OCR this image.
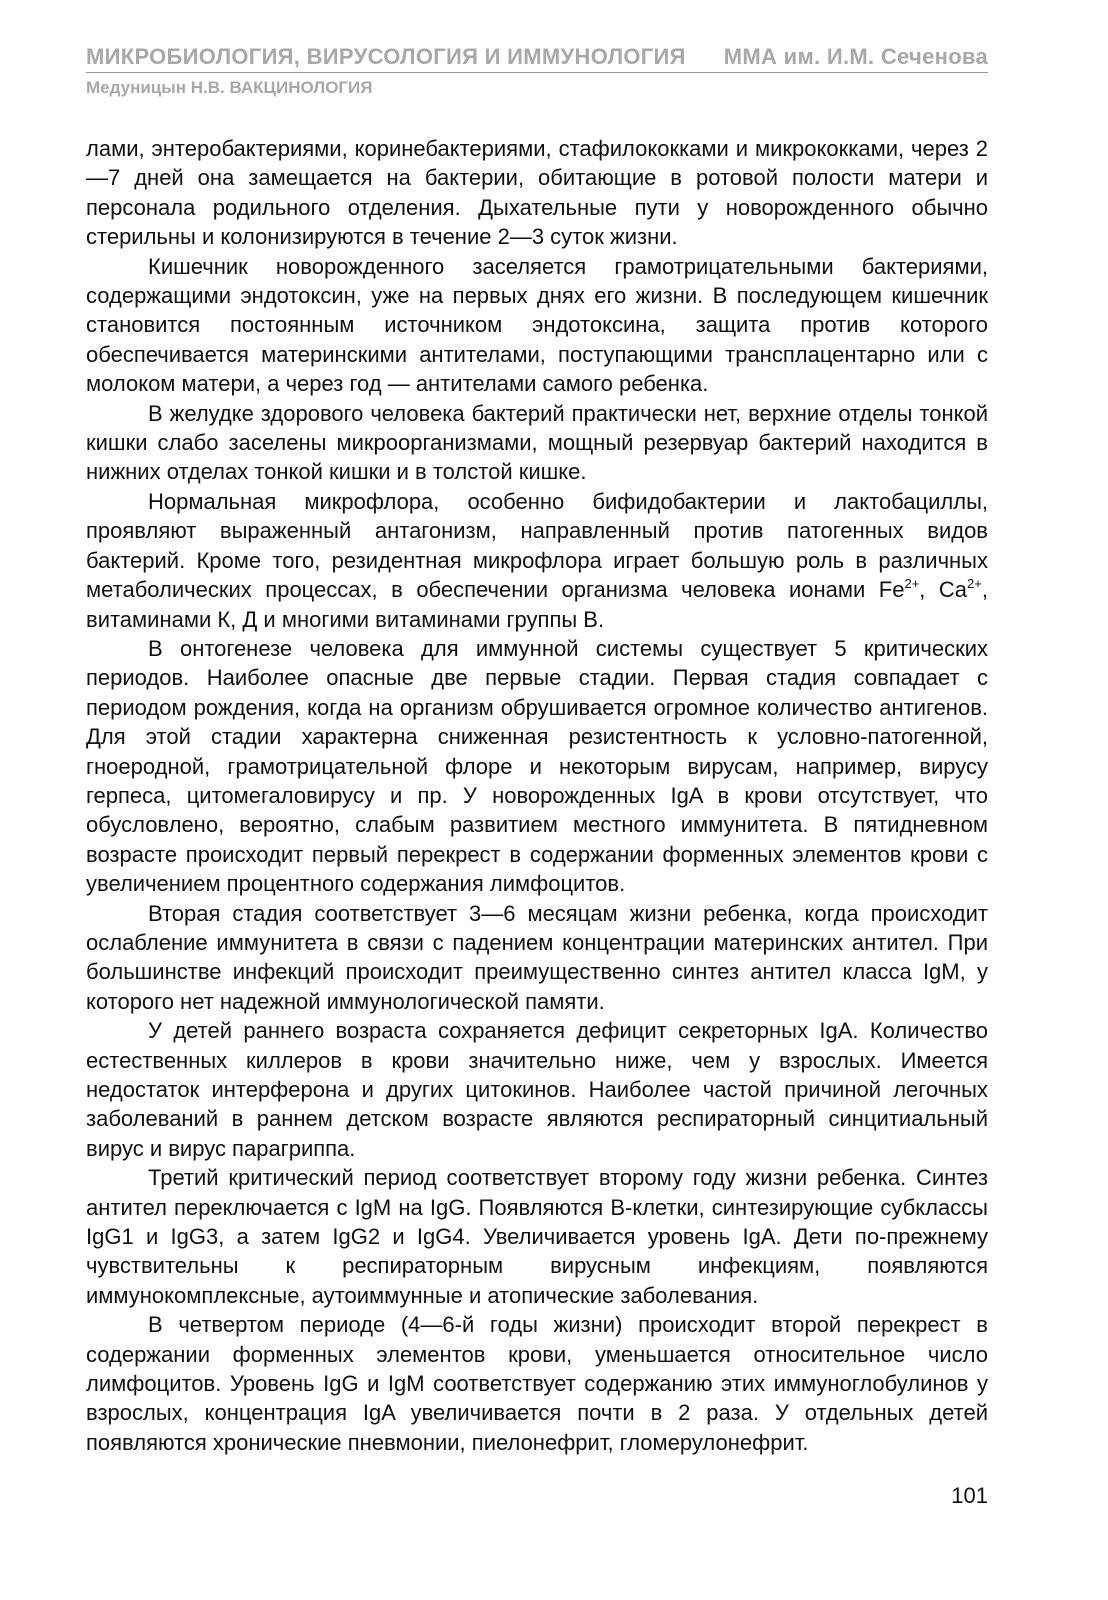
МИКРОБИОЛОГИЯ, ВИРУСОЛОГИЯ И ИММУНОЛОГИЯ ММА им. И.М. Сеченова
Медуницын Н.В. ВАКЦИНОЛОГИЯ

лами, энтеробактериями, коринебактериями, стафилококками и микрококками, через 2—7 дней она замещается на бактерии, обитающие в ротовой полости матери и персонала родильного отделения. Дыхательные пути у новорожденного обычно стерильны и колонизируются в течение 2—3 суток жизни.

Кишечник новорожденного заселяется грамотрицательными бактериями, содержащими эндотоксин, уже на первых днях его жизни. В последующем кишечник становится постоянным источником эндотоксина, защита против которого обеспечивается материнскими антителами, поступающими трансплацентарно или с молоком матери, а через год — антителами самого ребенка.

В желудке здорового человека бактерий практически нет, верхние отделы тонкой кишки слабо заселены микроорганизмами, мощный резервуар бактерий находится в нижних отделах тонкой кишки и в толстой кишке.

Нормальная микрофлора, особенно бифидобактерии и лактобациллы, проявляют выраженный антагонизм, направленный против патогенных видов бактерий. Кроме того, резидентная микрофлора играет большую роль в различных метаболических процессах, в обеспечении организма человека ионами $Fe^{2+}$, $Ca^{2+}$, витаминами К, Д и многими витаминами группы В.

В онтогенезе человека для иммунной системы существует 5 критических периодов. Наиболее опасные две первые стадии. Первая стадия совпадает с периодом рождения, когда на организм обрушивается огромное количество антигенов. Для этой стадии характерна сниженная резистентность к условно-патогенной, гноеродной, грамотрицательной флоре и некоторым вирусам, например, вирусу герпеса, цитомегаловирусу и пр. У новорожденных IgA в крови отсутствует, что обусловлено, вероятно, слабым развитием местного иммунитета. В пятидневном возрасте происходит первый перекрест в содержании форменных элементов крови с увеличением процентного содержания лимфоцитов.

Вторая стадия соответствует 3—6 месяцам жизни ребенка, когда происходит ослабление иммунитета в связи с падением концентрации материнских антител. При большинстве инфекций происходит преимущественно синтез антител класса IgM, у которого нет надежной иммунологической памяти.

У детей раннего возраста сохраняется дефицит секреторных IgA. Количество естественных киллеров в крови значительно ниже, чем у взрослых. Имеется недостаток интерферона и других цитокинов. Наиболее частой причиной легочных заболеваний в раннем детском возрасте являются респираторный синцитиальный вирус и вирус парагриппа.

Третий критический период соответствует второму году жизни ребенка. Синтез антител переключается с IgM на IgG. Появляются В-клетки, синтезирующие субклассы IgG1 и IgG3, а затем IgG2 и IgG4. Увеличивается уровень IgA. Дети по-прежнему чувствительны к респираторным вирусным инфекциям, появляются иммунокомплексные, аутоиммунные и атопические заболевания.

В четвертом периоде (4—6-й годы жизни) происходит второй перекрест в содержании форменных элементов крови, уменьшается относительное число лимфоцитов. Уровень IgG и IgM соответствует содержанию этих иммуноглобулинов у взрослых, концентрация IgA увеличивается почти в 2 раза. У отдельных детей появляются хронические пневмонии, пиелонефрит, гломерулонефрит.

101
